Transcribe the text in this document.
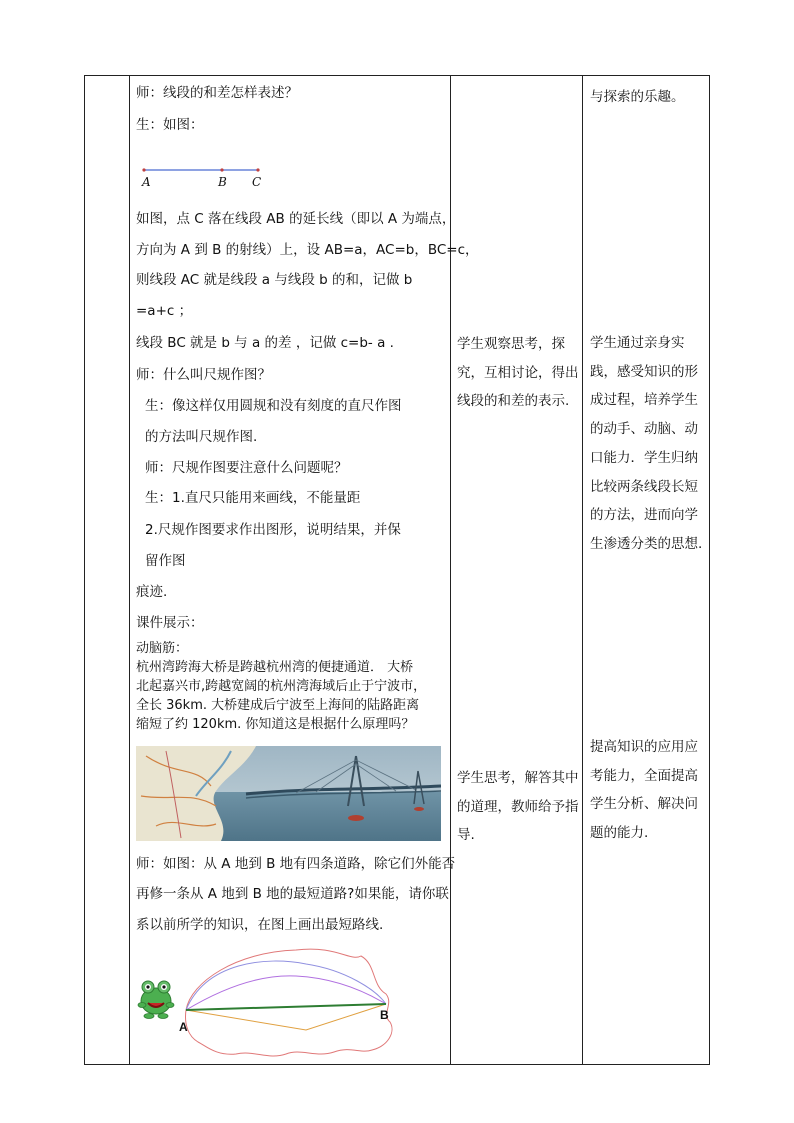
师：线段的和差怎样表述？
生：如图：
A	B C
如图，点 C 落在线段 AB 的延长线（即以 A 为端点，
方向为 A 到 B 的射线）上，设 AB=a，AC=b，BC=c，
则线段 AC 就是线段 a 与线段 b 的和，记做 b
=a+c ；
线段 BC 就是 b 与 a 的差 ，记做 c=b- a .
师：什么叫尺规作图？
生：像这样仅用圆规和没有刻度的直尺作图
的方法叫尺规作图.
师：尺规作图要注意什么问题呢？
生：1.直尺只能用来画线，不能量距
2.尺规作图要求作出图形，说明结果，并保
留作图
痕迹.
课件展示：
动脑筋：
杭州湾跨海大桥是跨越杭州湾的便捷通道． 大桥
北起嘉兴市,跨越宽阔的杭州湾海域后止于宁波市，
全长 36km. 大桥建成后宁波至上海间的陆路距离
缩短了约 120km. 你知道这是根据什么原理吗？
师：如图：从 A 地到 B 地有四条道路，除它们外能否
再修一条从 A 地到 B 地的最短道路?如果能，请你联
系以前所学的知识，在图上画出最短路线.
A
B
学生观察思考，探究，互相讨论，得出线段的和差的表示.
学生思考，解答其中的道理，教师给予指导.
与探索的乐趣。
学生通过亲身实践，感受知识的形成过程，培养学生的动手、动脑、动口能力．学生归纳比较两条线段长短的方法，进而向学生渗透分类的思想.
提高知识的应用应考能力，全面提高学生分析、解决问题的能力.
